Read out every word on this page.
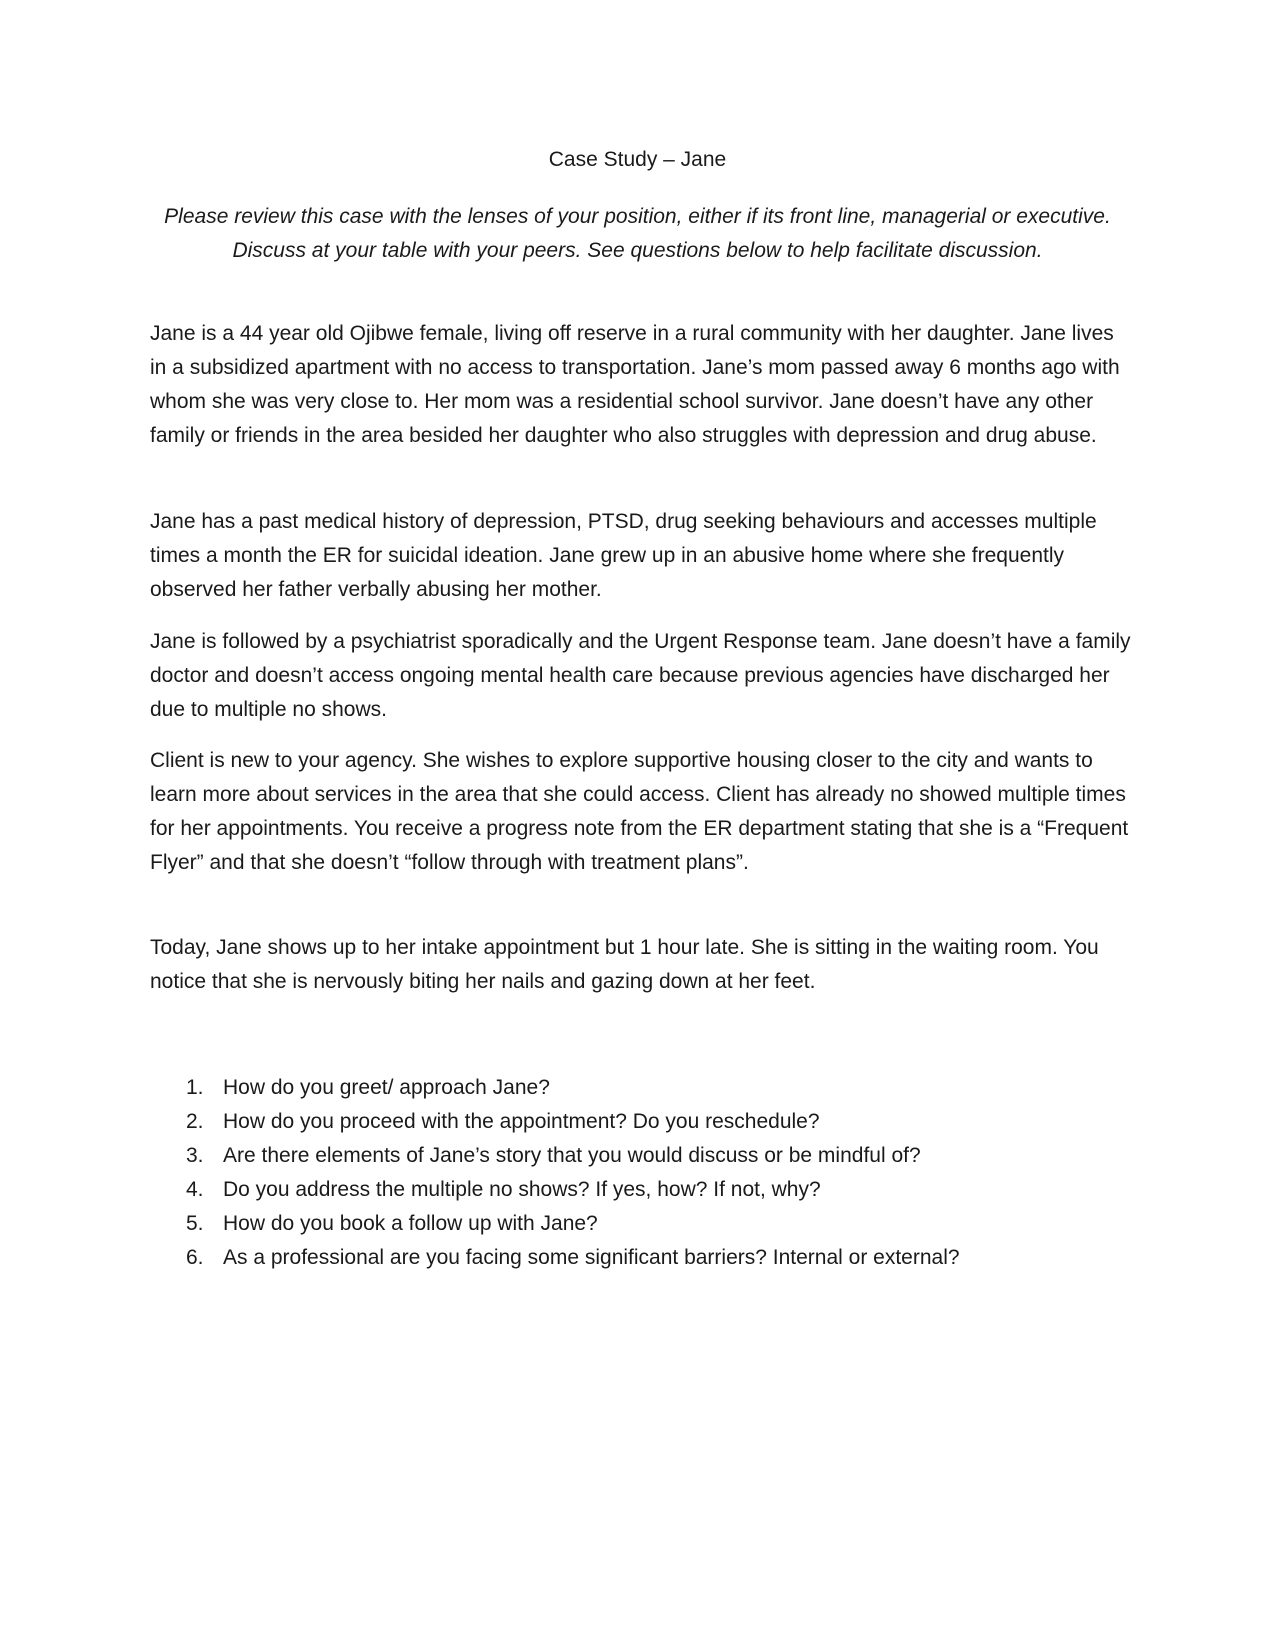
Case Study – Jane
Please review this case with the lenses of your position, either if its front line, managerial or executive. Discuss at your table with your peers. See questions below to help facilitate discussion.

Jane is a 44 year old Ojibwe female, living off reserve in a rural community with her daughter. Jane lives in a subsidized apartment with no access to transportation. Jane’s mom passed away 6 months ago with whom she was very close to. Her mom was a residential school survivor. Jane doesn’t have any other family or friends in the area besided her daughter who also struggles with depression and drug abuse.

Jane has a past medical history of depression, PTSD, drug seeking behaviours and accesses multiple times a month the ER for suicidal ideation. Jane grew up in an abusive home where she frequently observed her father verbally abusing her mother.

Jane is followed by a psychiatrist sporadically and the Urgent Response team. Jane doesn’t have a family doctor and doesn’t access ongoing mental health care because previous agencies have discharged her due to multiple no shows.

Client is new to your agency. She wishes to explore supportive housing closer to the city and wants to learn more about services in the area that she could access. Client has already no showed multiple times for her appointments. You receive a progress note from the ER department stating that she is a “Frequent Flyer” and that she doesn’t “follow through with treatment plans”.

Today, Jane shows up to her intake appointment but 1 hour late. She is sitting in the waiting room. You notice that she is nervously biting her nails and gazing down at her feet.

1. How do you greet/ approach Jane?
2. How do you proceed with the appointment? Do you reschedule?
3. Are there elements of Jane’s story that you would discuss or be mindful of?
4. Do you address the multiple no shows? If yes, how? If not, why?
5. How do you book a follow up with Jane?
6. As a professional are you facing some significant barriers? Internal or external?
